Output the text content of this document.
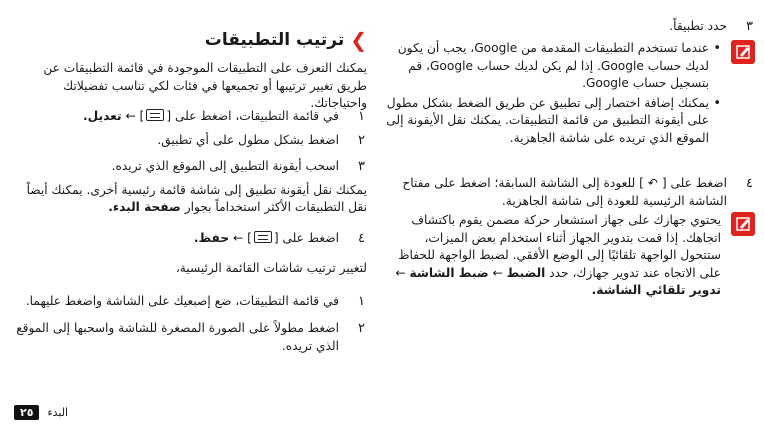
٣
حدد تطبيقاً.
• عندما تستخدم التطبيقات المقدمة من Google، يجب أن يكون لديك حساب Google. إذا لم يكن لديك حساب Google، قم بتسجيل حساب Google.
• يمكنك إضافة اختصار إلى تطبيق عن طريق الضغط بشكل مطول على أيقونة التطبيق من قائمة التطبيقات. يمكنك نقل الأيقونة إلى الموقع الذي تريده على شاشة الجاهزية.
٤
اضغط على [ ↶ ] للعودة إلى الشاشة السابقة؛ اضغط على مفتاح الشاشة الرئيسية للعودة إلى شاشة الجاهزية.
يحتوي جهازك على جهاز استشعار حركة مضمن يقوم باكتشاف اتجاهك. إذا قمت بتدوير الجهاز أثناء استخدام بعض الميزات، ستتحول الواجهة تلقائيًا إلى الوضع الأفقي. لضبط الواجهة للحفاظ على الاتجاه عند تدوير جهازك، حدد الضبط ← ضبط الشاشة ← تدوير تلقائي الشاشة.
❯
ترتيب التطبيقات
يمكنك التعرف على التطبيقات الموجودة في قائمة التطبيقات عن طريق تغيير ترتيبها أو تجميعها في فئات لكي تناسب تفضيلاتك واحتياجاتك.
١
في قائمة التطبيقات، اضغط على [] ← تعديل.
٢
اضغط بشكل مطول على أي تطبيق.
٣
اسحب أيقونة التطبيق إلى الموقع الذي تريده.
يمكنك نقل أيقونة تطبيق إلى شاشة قائمة رئيسية أخرى. يمكنك أيضاً نقل التطبيقات الأكثر استخداماً بجوار صفحة البدء.
٤
اضغط على [] ← حفظ.
لتغيير ترتيب شاشات القائمة الرئيسية،
١
في قائمة التطبيقات، ضع إصبعيك على الشاشة واضغط عليهما.
٢
اضغط مطولاً على الصورة المصغرة للشاشة واسحبها إلى الموقع الذي تريده.
البدء
٢٥
